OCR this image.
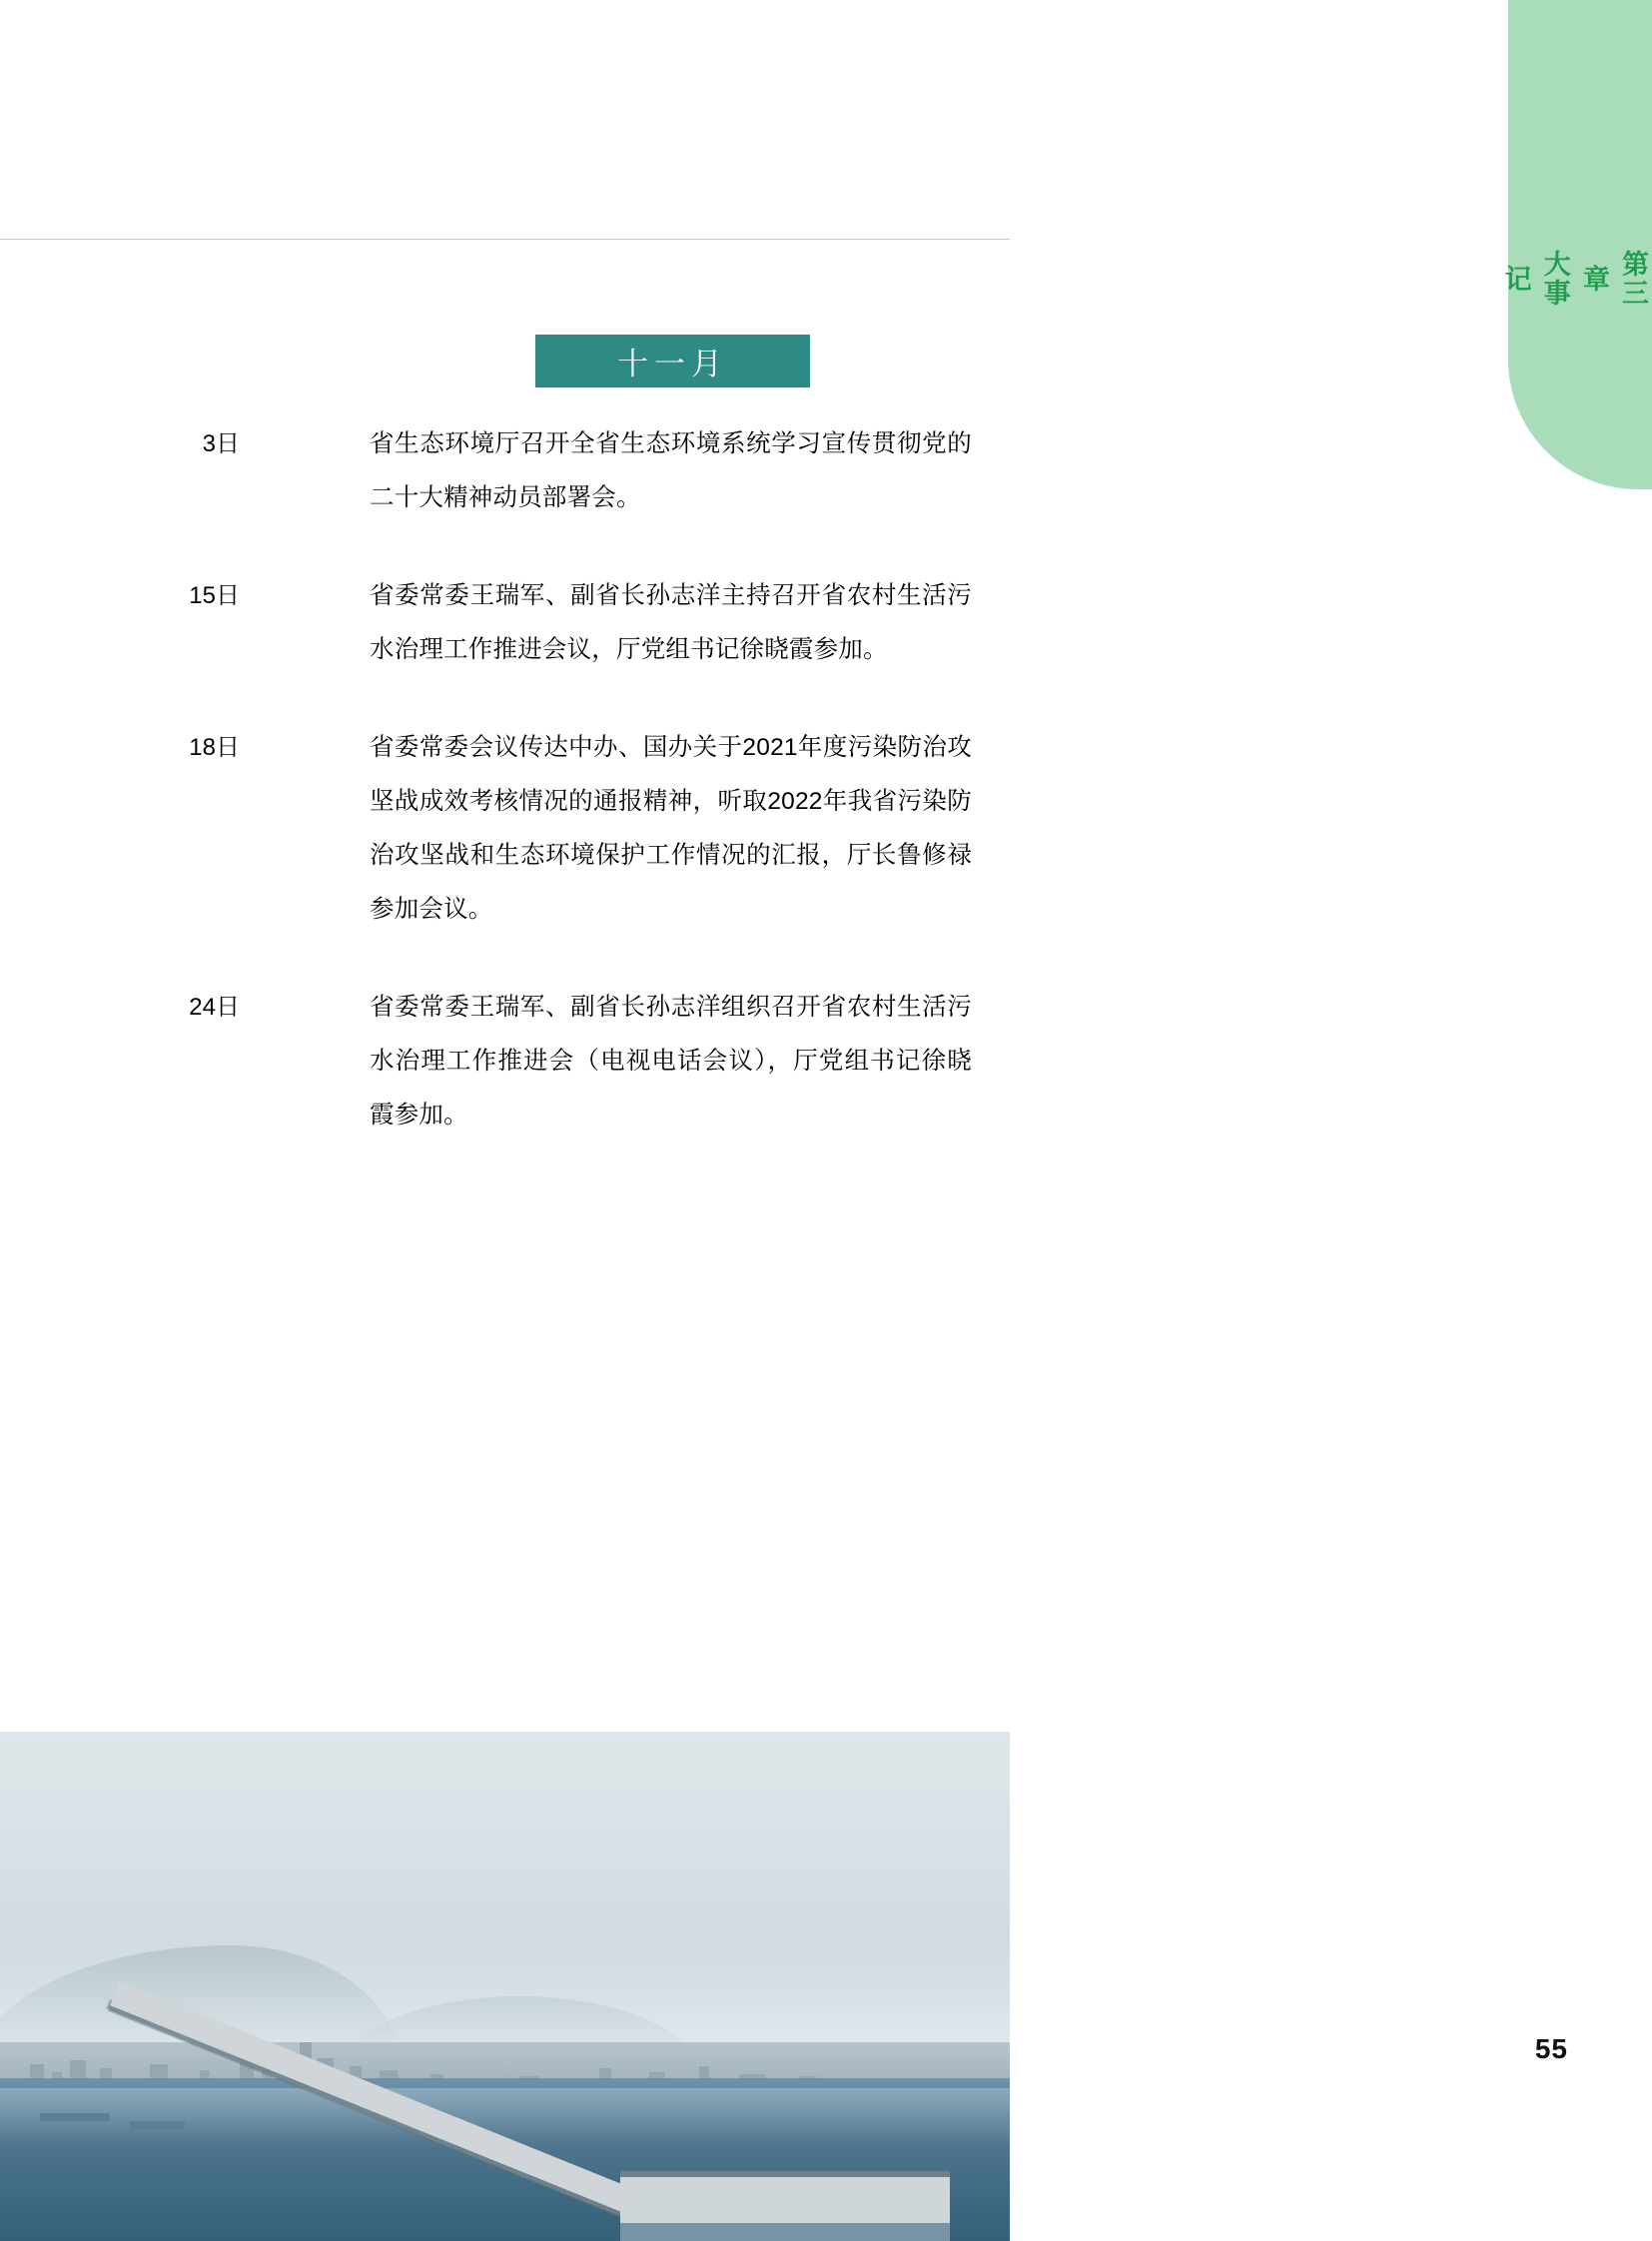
第三章　大事记
十一月
3日	省生态环境厅召开全省生态环境系统学习宣传贯彻党的二十大精神动员部署会。
15日	省委常委王瑞军、副省长孙志洋主持召开省农村生活污水治理工作推进会议，厅党组书记徐晓霞参加。
18日	省委常委会议传达中办、国办关于2021年度污染防治攻坚战成效考核情况的通报精神，听取2022年我省污染防治攻坚战和生态环境保护工作情况的汇报，厅长鲁修禄参加会议。
24日	省委常委王瑞军、副省长孙志洋组织召开省农村生活污水治理工作推进会（电视电话会议），厅党组书记徐晓霞参加。
55
